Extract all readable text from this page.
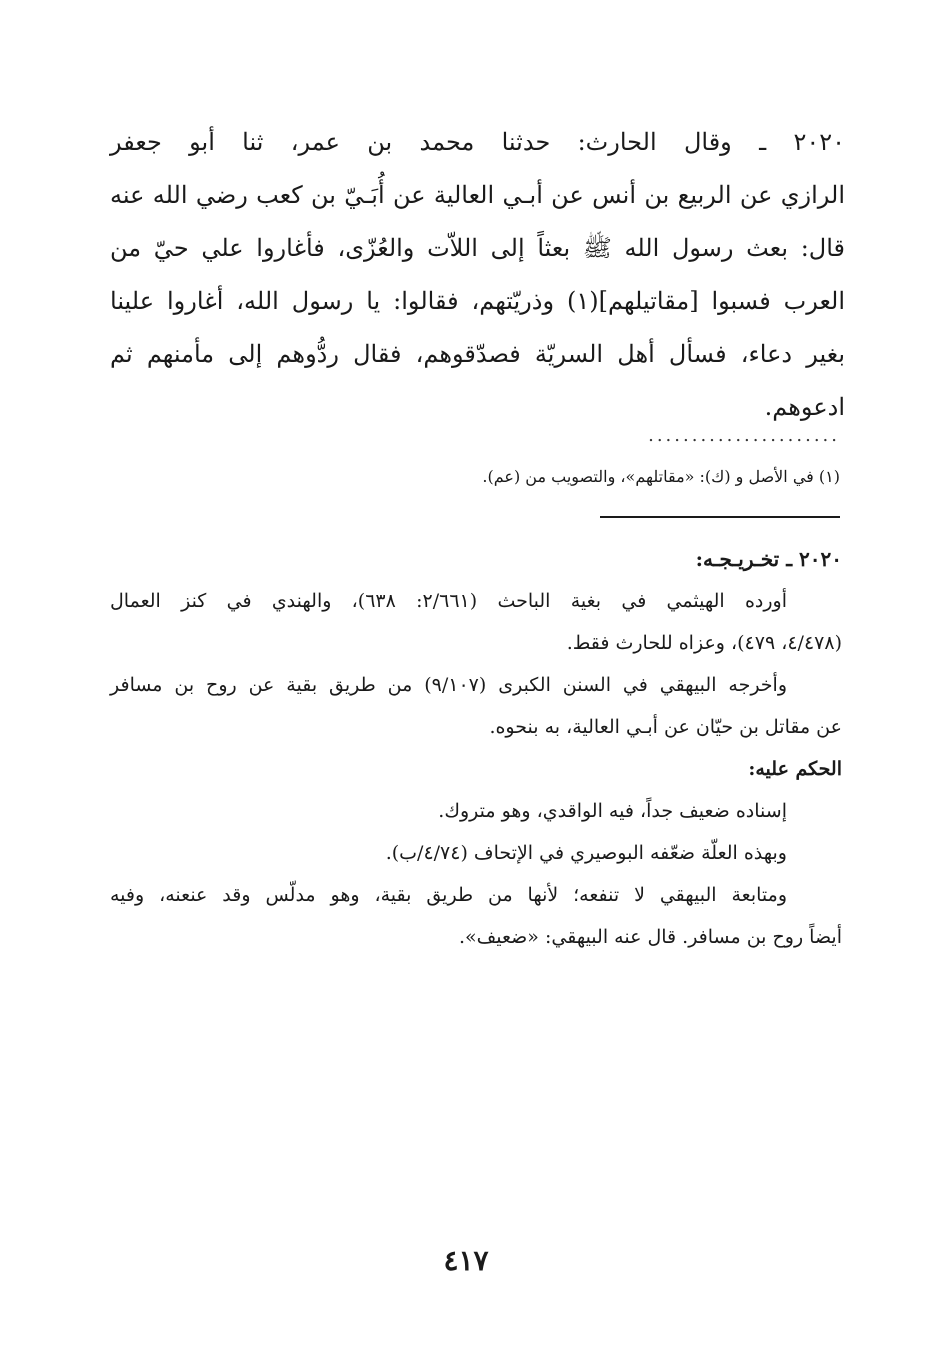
٢٠٢٠ ـ وقال الحارث: حدثنا محمد بن عمر، ثنا أبو جعفر
الرازي عن الربيع بن أنس عن أبـي العالية عن أُبَـيّ بن كعب رضي الله عنه
قال: بعث رسول الله ﷺ بعثاً إلى اللاّت والعُزّى، فأغاروا علي حيّ من
العرب فسبوا [مقاتيلهم](١) وذريّتهم، فقالوا: يا رسول الله، أغاروا علينا
بغير دعاء، فسأل أهل السريّة فصدّقوهم، فقال ردُّوهم إلى مأمنهم ثم
ادعوهم.
......................
(١) في الأصل و (ك): «مقاتلهم»، والتصويب من (عم).
٢٠٢٠ ـ تخـريـجـه:
أورده الهيثمي في بغية الباحث (٢/٦٦١: ٦٣٨)، والهندي في كنز العمال
(٤/٤٧٨، ٤٧٩)، وعزاه للحارث فقط.
وأخرجه البيهقي في السنن الكبرى (٩/١٠٧) من طريق بقية عن روح بن مسافر
عن مقاتل بن حيّان عن أبـي العالية، به بنحوه.
الحكم عليه:
إسناده ضعيف جداً، فيه الواقدي، وهو متروك.
وبهذه العلّة ضعّفه البوصيري في الإتحاف (٤/٧٤/ب).
ومتابعة البيهقي لا تنفعه؛ لأنها من طريق بقية، وهو مدلّس وقد عنعنه، وفيه
أيضاً روح بن مسافر. قال عنه البيهقي: «ضعيف».
٤١٧
